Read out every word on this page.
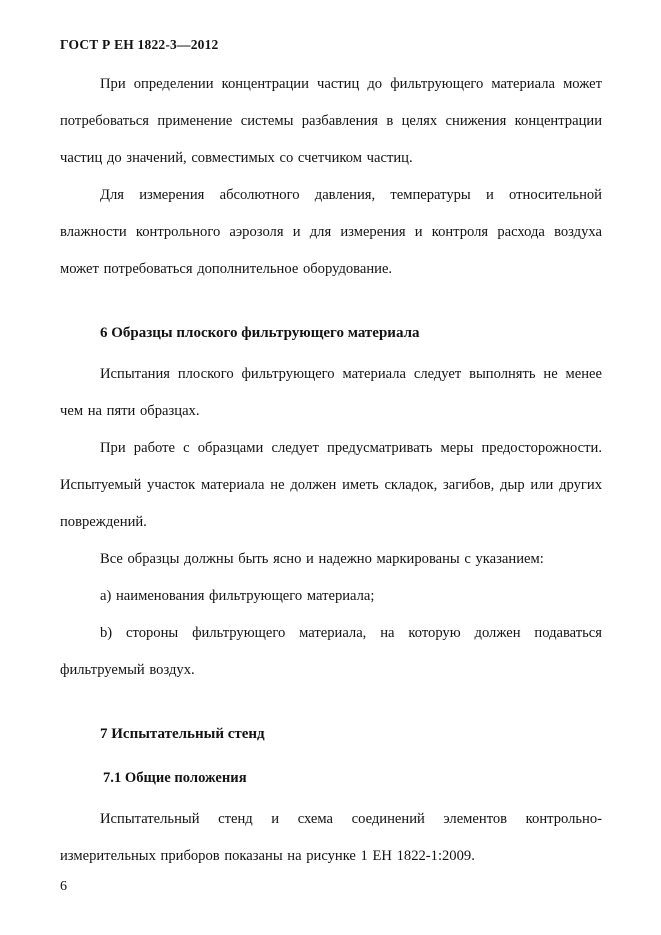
ГОСТ Р ЕН 1822-3—2012

При определении концентрации частиц до фильтрующего материала может потребоваться применение системы разбавления в целях снижения концентрации частиц до значений, совместимых со счетчиком частиц.

Для измерения абсолютного давления, температуры и относительной влажности контрольного аэрозоля и для измерения и контроля расхода воздуха может потребоваться дополнительное оборудование.

6 Образцы плоского фильтрующего материала

Испытания плоского фильтрующего материала следует выполнять не менее чем на пяти образцах.

При работе с образцами следует предусматривать меры предосторожности. Испытуемый участок материала не должен иметь складок, загибов, дыр или других повреждений.

Все образцы должны быть ясно и надежно маркированы с указанием:

а) наименования фильтрующего материала;

b) стороны фильтрующего материала, на которую должен подаваться фильтруемый воздух.

7 Испытательный стенд
7.1 Общие положения

Испытательный стенд и схема соединений элементов контрольно-измерительных приборов показаны на рисунке 1 ЕН 1822-1:2009.

6
